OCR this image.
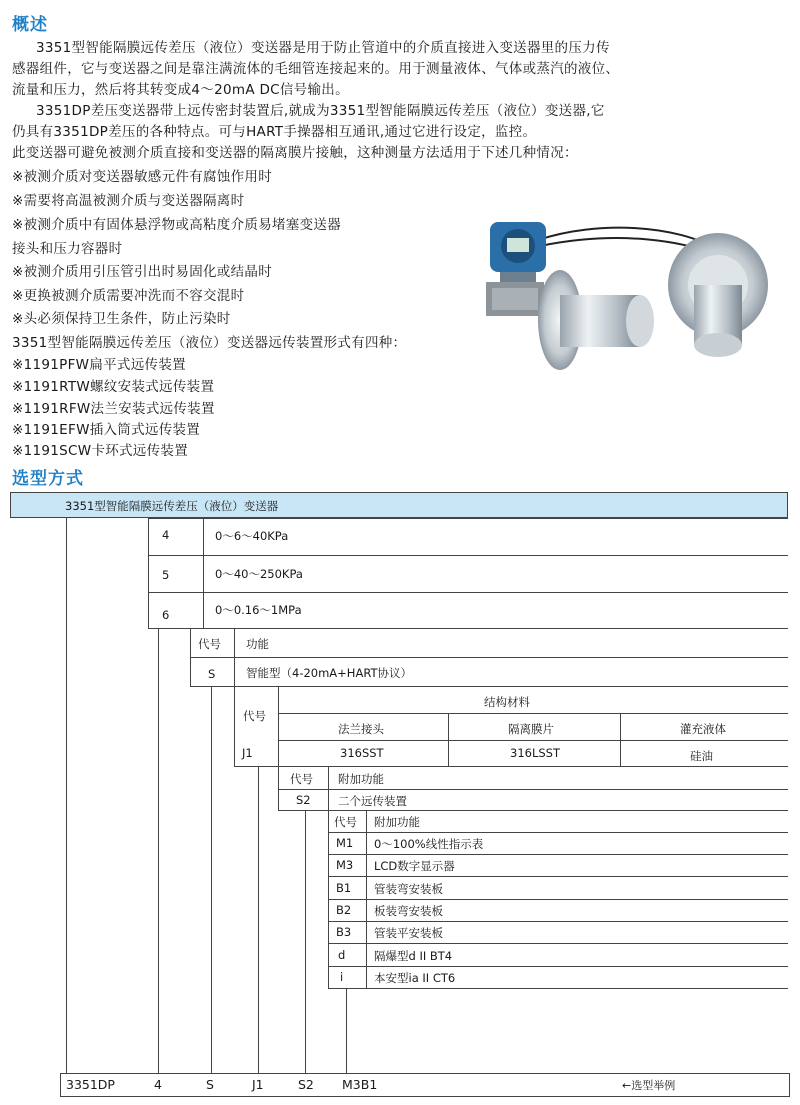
概述
3351型智能隔膜远传差压（液位）变送器是用于防止管道中的介质直接进入变送器里的压力传
感器组件，它与变送器之间是靠注满流体的毛细管连接起来的。用于测量液体、气体或蒸汽的液位、
流量和压力，然后将其转变成4～20mA DC信号输出。
3351DP差压变送器带上远传密封装置后,就成为3351型智能隔膜远传差压（液位）变送器,它
仍具有3351DP差压的各种特点。可与HART手操器相互通讯,通过它进行设定，监控。
此变送器可避免被测介质直接和变送器的隔离膜片接触，这种测量方法适用于下述几种情况：
※被测介质对变送器敏感元件有腐蚀作用时
※需要将高温被测介质与变送器隔离时
※被测介质中有固体悬浮物或高粘度介质易堵塞变送器
接头和压力容器时
※被测介质用引压管引出时易固化或结晶时
※更换被测介质需要冲洗而不容交混时
※头必须保持卫生条件，防止污染时
3351型智能隔膜远传差压（液位）变送器远传装置形式有四种：
※1191PFW扁平式远传装置
※1191RTW螺纹安装式远传装置
※1191RFW法兰安装式远传装置
※1191EFW插入筒式远传装置
※1191SCW卡环式远传装置
选型方式
3351型智能隔膜远传差压（液位）变送器
4	0～6～40KPa
5	0～40～250KPa
6	0～0.16～1MPa
代号 功能
S	智能型（4-20mA+HART协议）
代号
结构材料
法兰接头	隔离膜片	灌充液体
J1	316SST	316LSST	硅油
代号 附加功能
S2 二个远传装置
代号 附加功能
M1 0～100%线性指示表
M3 LCD数字显示器
B1 管装弯安装板
B2 板装弯安装板
B3 管装平安装板
d 隔爆型d II BT4
i	本安型ia II CT6
3351DP	4	S	J1	S2 M3B1	←选型举例
